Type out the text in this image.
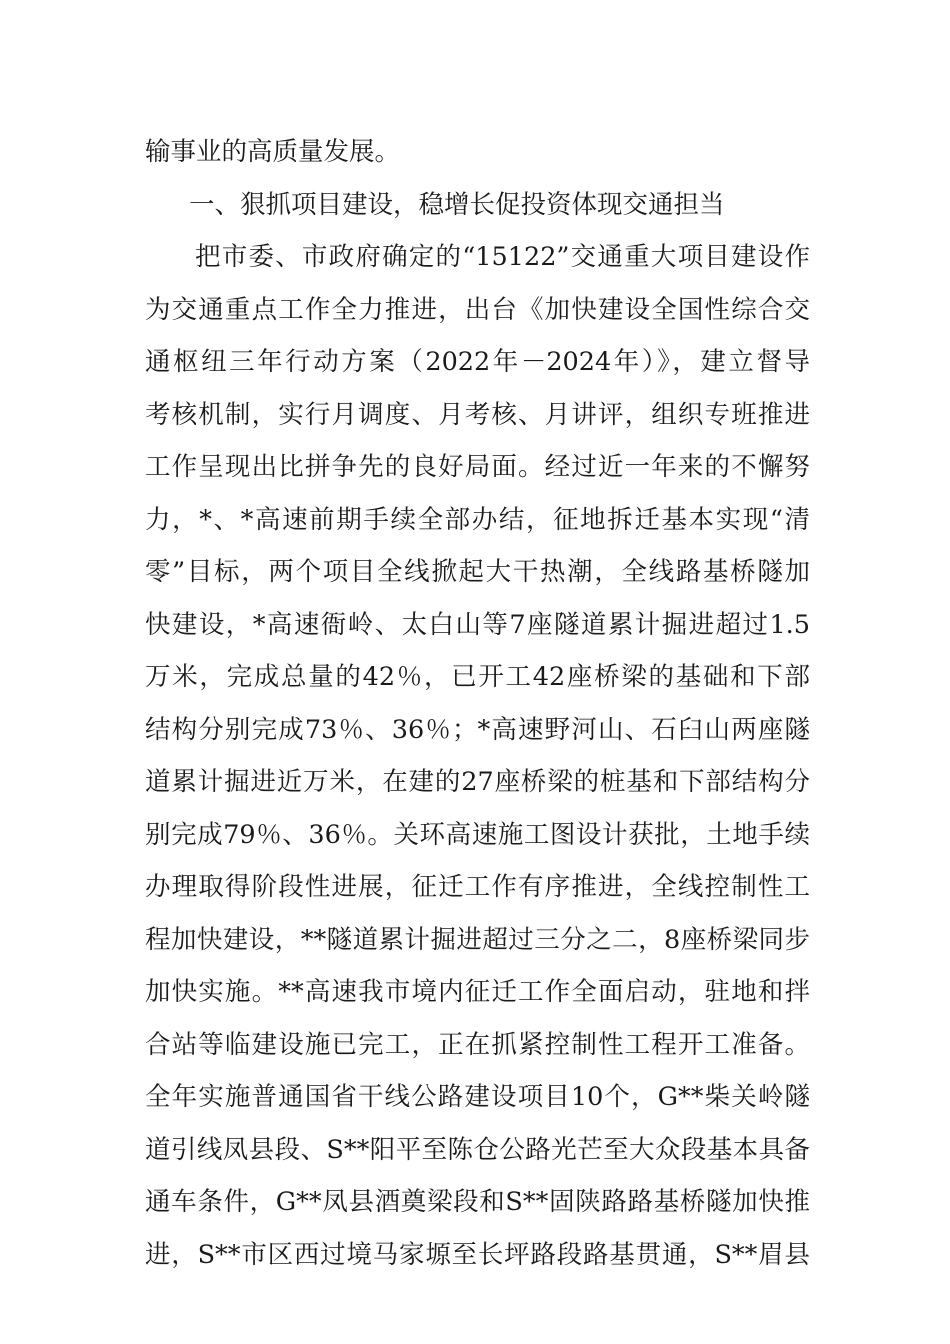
输事业的高质量发展。
一、狠抓项目建设，稳增长促投资体现交通担当
把市委、市政府确定的“15122”交通重大项目建设作
为交通重点工作全力推进，出台《加快建设全国性综合交
通枢纽三年行动方案（2022年－2024年）》，建立督导
考核机制，实行月调度、月考核、月讲评，组织专班推进
工作呈现出比拼争先的良好局面。经过近一年来的不懈努
力，*、*高速前期手续全部办结，征地拆迁基本实现“清
零”目标，两个项目全线掀起大干热潮，全线路基桥隧加
快建设，*高速衙岭、太白山等7座隧道累计掘进超过1.5
万米，完成总量的42％，已开工42座桥梁的基础和下部
结构分别完成73％、36％；*高速野河山、石臼山两座隧
道累计掘进近万米，在建的27座桥梁的桩基和下部结构分
别完成79％、36％。关环高速施工图设计获批，土地手续
办理取得阶段性进展，征迁工作有序推进，全线控制性工
程加快建设，**隧道累计掘进超过三分之二，8座桥梁同步
加快实施。**高速我市境内征迁工作全面启动，驻地和拌
合站等临建设施已完工，正在抓紧控制性工程开工准备。
全年实施普通国省干线公路建设项目10个，G**柴关岭隧
道引线凤县段、S**阳平至陈仓公路光芒至大众段基本具备
通车条件，G**凤县酒奠梁段和S**固陕路路基桥隧加快推
进，S**市区西过境马家塬至长坪路段路基贯通，S**眉县
